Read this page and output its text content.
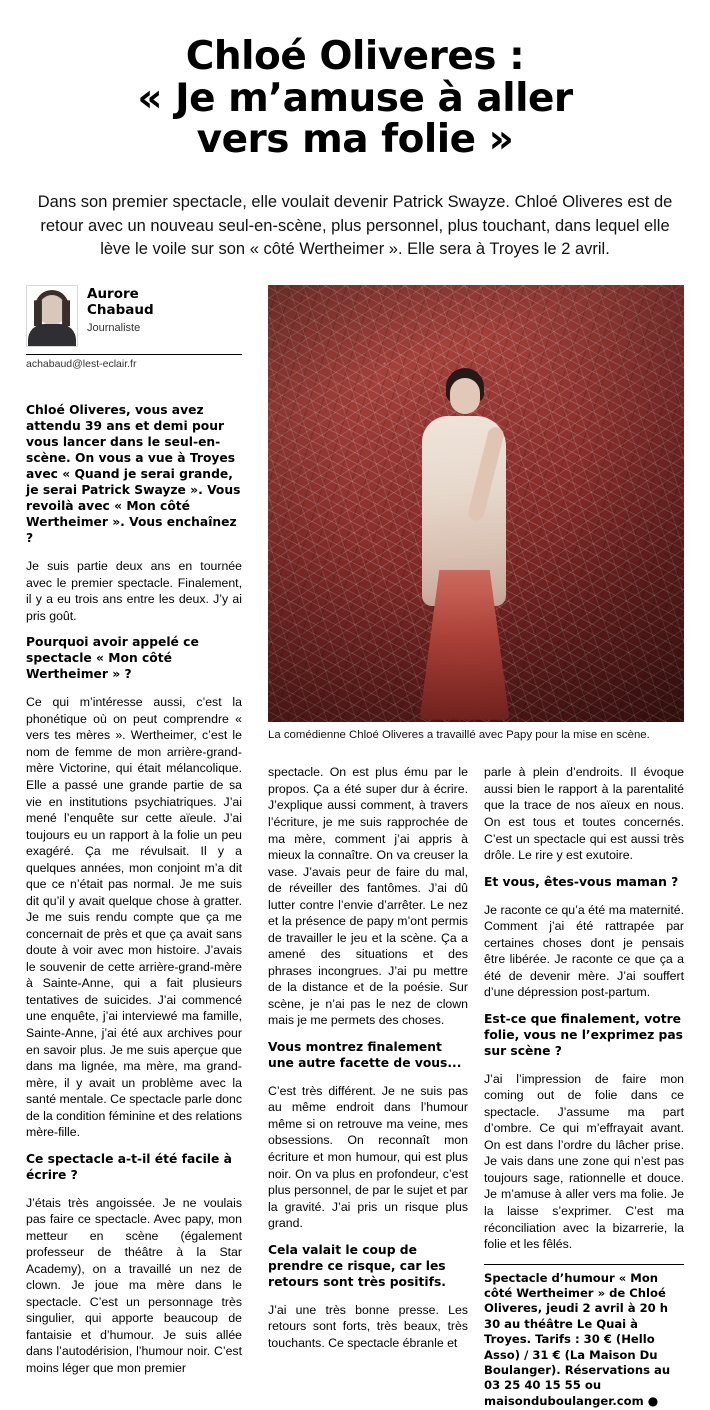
Chloé Oliveres :
« Je m’amuse à aller
vers ma folie »
Dans son premier spectacle, elle voulait devenir Patrick Swayze. Chloé Oliveres est de retour avec un nouveau seul-en-scène, plus personnel, plus touchant, dans lequel elle lève le voile sur son « côté Wertheimer ». Elle sera à Troyes le 2 avril.
Aurore
Chabaud
Journaliste
achabaud@lest-eclair.fr
La comédienne Chloé Oliveres a travaillé avec Papy pour la mise en scène.

Chloé Oliveres, vous avez attendu 39 ans et demi pour vous lancer dans le seul-en-scène. On vous a vue à Troyes avec « Quand je serai grande, je serai Patrick Swayze ». Vous revoilà avec « Mon côté Wertheimer ». Vous enchaînez ?

Je suis partie deux ans en tournée avec le premier spectacle. Finalement, il y a eu trois ans entre les deux. J’y ai pris goût.

Pourquoi avoir appelé ce spectacle « Mon côté Wertheimer » ?

Ce qui m’intéresse aussi, c’est la phonétique où on peut comprendre « vers tes mères ». Wertheimer, c’est le nom de femme de mon arrière-grand-mère Victorine, qui était mélancolique. Elle a passé une grande partie de sa vie en institutions psychiatriques. J’ai mené l’enquête sur cette aïeule. J’ai toujours eu un rapport à la folie un peu exagéré. Ça me révulsait. Il y a quelques années, mon conjoint m’a dit que ce n’était pas normal. Je me suis dit qu’il y avait quelque chose à gratter. Je me suis rendu compte que ça me concernait de près et que ça avait sans doute à voir avec mon histoire. J’avais le souvenir de cette arrière-grand-mère à Sainte-Anne, qui a fait plusieurs tentatives de suicides. J’ai commencé une enquête, j’ai interviewé ma famille, Sainte-Anne, j’ai été aux archives pour en savoir plus. Je me suis aperçue que dans ma lignée, ma mère, ma grand-mère, il y avait un problème avec la santé mentale. Ce spectacle parle donc de la condition féminine et des relations mère-fille.

Ce spectacle a-t-il été facile à écrire ?

J’étais très angoissée. Je ne voulais pas faire ce spectacle. Avec papy, mon metteur en scène (également professeur de théâtre à la Star Academy), on a travaillé un nez de clown. Je joue ma mère dans le spectacle. C’est un personnage très singulier, qui apporte beaucoup de fantaisie et d’humour. Je suis allée dans l’autodérision, l’humour noir. C’est moins léger que mon premier

spectacle. On est plus ému par le propos. Ça a été super dur à écrire. J’explique aussi comment, à travers l’écriture, je me suis rapprochée de ma mère, comment j’ai appris à mieux la connaître. On va creuser la vase. J’avais peur de faire du mal, de réveiller des fantômes. J’ai dû lutter contre l’envie d’arrêter. Le nez et la présence de papy m’ont permis de travailler le jeu et la scène. Ça a amené des situations et des phrases incongrues. J’ai pu mettre de la distance et de la poésie. Sur scène, je n’ai pas le nez de clown mais je me permets des choses.

Vous montrez finalement une autre facette de vous...

C’est très différent. Je ne suis pas au même endroit dans l’humour même si on retrouve ma veine, mes obsessions. On reconnaît mon écriture et mon humour, qui est plus noir. On va plus en profondeur, c’est plus personnel, de par le sujet et par la gravité. J’ai pris un risque plus grand.

Cela valait le coup de prendre ce risque, car les retours sont très positifs.

J’ai une très bonne presse. Les retours sont forts, très beaux, très touchants. Ce spectacle ébranle et

parle à plein d’endroits. Il évoque aussi bien le rapport à la parentalité que la trace de nos aïeux en nous. On est tous et toutes concernés. C’est un spectacle qui est aussi très drôle. Le rire y est exutoire.

Et vous, êtes-vous maman ?

Je raconte ce qu’a été ma maternité. Comment j’ai été rattrapée par certaines choses dont je pensais être libérée. Je raconte ce que ça a été de devenir mère. J’ai souffert d’une dépression post-partum.

Est-ce que finalement, votre folie, vous ne l’exprimez pas sur scène ?

J’ai l’impression de faire mon coming out de folie dans ce spectacle. J’assume ma part d’ombre. Ce qui m’effrayait avant. On est dans l’ordre du lâcher prise. Je vais dans une zone qui n’est pas toujours sage, rationnelle et douce. Je m’amuse à aller vers ma folie. Je la laisse s’exprimer. C’est ma réconciliation avec la bizarrerie, la folie et les fêlés.

Spectacle d’humour « Mon côté Wertheimer » de Chloé Oliveres, jeudi 2 avril à 20 h 30 au théâtre Le Quai à Troyes. Tarifs : 30 € (Hello Asso) / 31 € (La Maison Du Boulanger). Réservations au 03 25 40 15 55 ou maisonduboulanger.com ●
